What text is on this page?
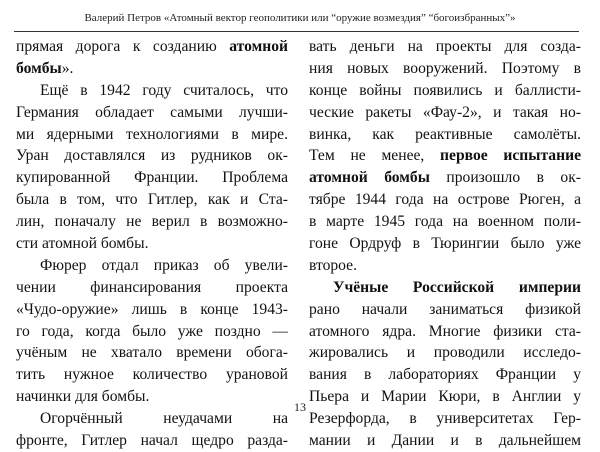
Валерий Петров «Атомный вектор геополитики или “оружие возмездия” “богоизбранных”»
прямая дорога к созданию атомной
бомбы».
Ещё в 1942 году считалось, что
Германия обладает самыми лучши-
ми ядерными технологиями в мире.
Уран доставлялся из рудников ок-
купированной Франции. Проблема
была в том, что Гитлер, как и Ста-
лин, поначалу не верил в возможно-
сти атомной бомбы.
Фюрер отдал приказ об увели-
чении финансирования проекта
«Чудо-оружие» лишь в конце 1943-
го года, когда было уже поздно —
учёным не хватало времени обога-
тить нужное количество урановой
начинки для бомбы.
Огорчённый неудачами на
фронте, Гитлер начал щедро разда-
вать деньги на проекты для созда-
ния новых вооружений. Поэтому в
конце войны появились и баллисти-
ческие ракеты «Фау-2», и такая но-
винка, как реактивные самолёты.
Тем не менее, первое испытание
атомной бомбы произошло в ок-
тябре 1944 года на острове Рюген, а
в марте 1945 года на военном поли-
гоне Ордруф в Тюрингии было уже
второе.
Учёные Российской империи
рано начали заниматься физикой
атомного ядра. Многие физики ста-
жировались и проводили исследо-
вания в лабораториях Франции у
Пьера и Марии Кюри, в Англии у
Резерфорда, в университетах Гер-
мании и Дании и в дальнейшем
13
